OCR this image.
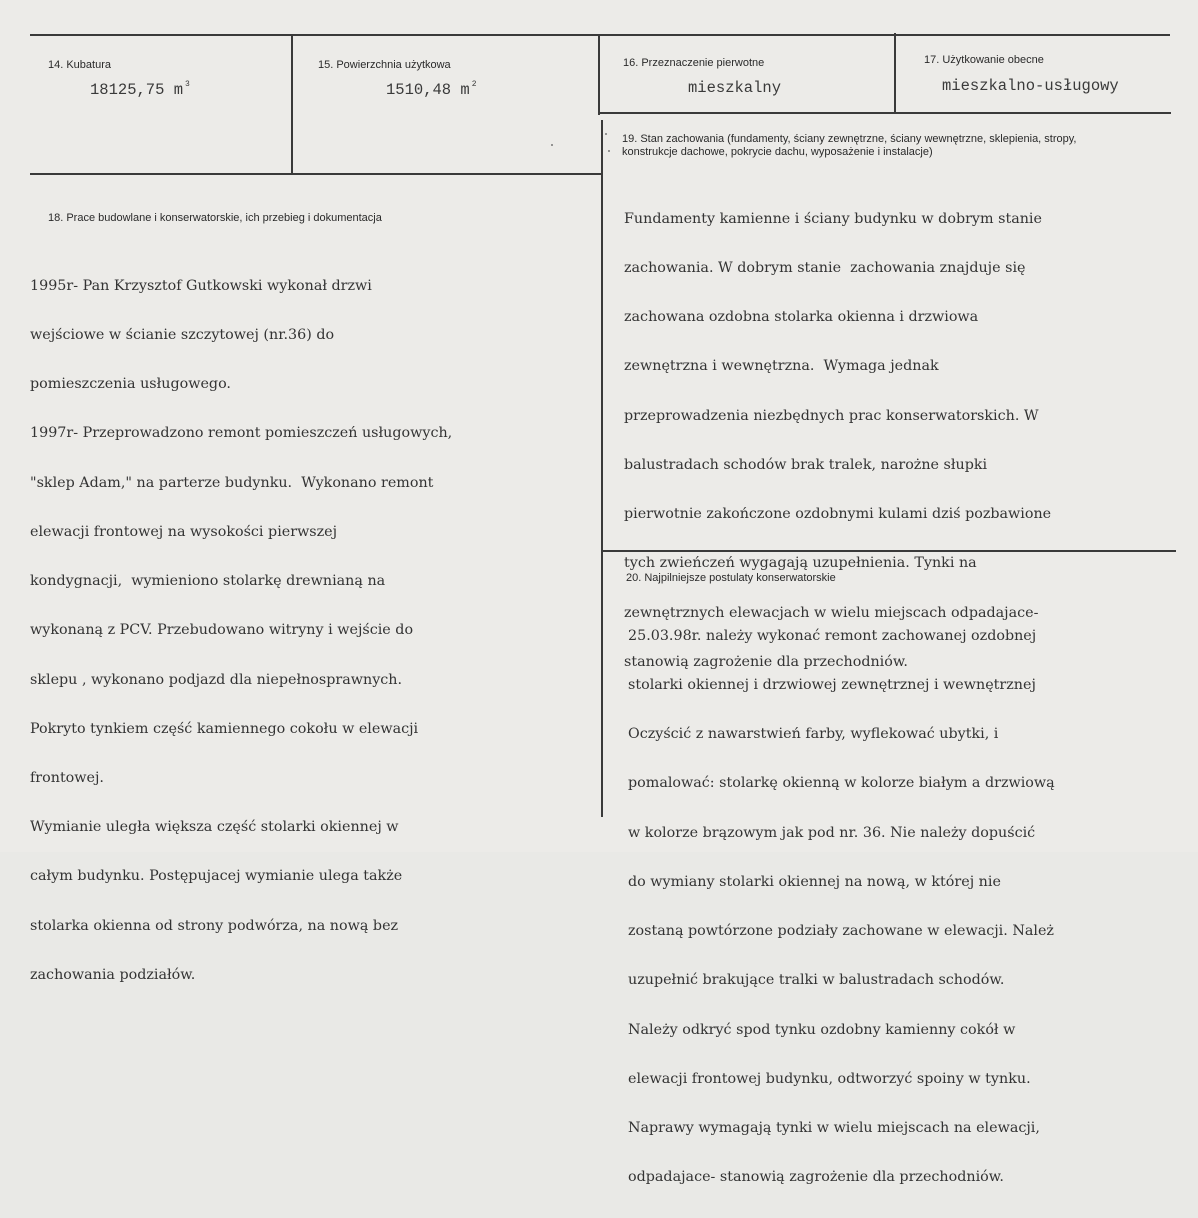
14. Kubatura
18125,75 m $^3$
15. Powierzchnia użytkowa
1510,48 m $^2$
16. Przeznaczenie pierwotne
mieszkalny
17. Użytkowanie obecne
mieszkalno-usługowy
19. Stan zachowania (fundamenty, ściany zewnętrzne, ściany wewnętrzne, sklepienia, stropy,
konstrukcje dachowe, pokrycie dachu, wyposażenie i instalacje)

Fundamenty kamienne i ściany budynku w dobrym stanie

zachowania. W dobrym stanie  zachowania znajduje się

zachowana ozdobna stolarka okienna i drzwiowa

zewnętrzna i wewnętrzna.  Wymaga jednak

przeprowadzenia niezbędnych prac konserwatorskich. W

balustradach schodów brak tralek, narożne słupki

pierwotnie zakończone ozdobnymi kulami dziś pozbawione

tych zwieńczeń wygagają uzupełnienia. Tynki na

zewnętrznych elewacjach w wielu miejscach odpadajace-

stanowią zagrożenie dla przechodniów.

18. Prace budowlane i konserwatorskie, ich przebieg i dokumentacja

1995r- Pan Krzysztof Gutkowski wykonał drzwi

wejściowe w ścianie szczytowej (nr.36) do

pomieszczenia usługowego.

1997r- Przeprowadzono remont pomieszczeń usługowych,

"sklep Adam," na parterze budynku.  Wykonano remont

elewacji frontowej na wysokości pierwszej

kondygnacji,  wymieniono stolarkę drewnianą na

wykonaną z PCV. Przebudowano witryny i wejście do

sklepu , wykonano podjazd dla niepełnosprawnych.

Pokryto tynkiem część kamiennego cokołu w elewacji

frontowej.

Wymianie uległa większa część stolarki okiennej w

całym budynku. Postępujacej wymianie ulega także

stolarka okienna od strony podwórza, na nową bez

zachowania podziałów.

20. Najpilniejsze postulaty konserwatorskie

25.03.98r. należy wykonać remont zachowanej ozdobnej

stolarki okiennej i drzwiowej zewnętrznej i wewnętrznej

Oczyścić z nawarstwień farby, wyflekować ubytki, i

pomalować: stolarkę okienną w kolorze białym a drzwiową

w kolorze brązowym jak pod nr. 36. Nie należy dopuścić

do wymiany stolarki okiennej na nową, w której nie

zostaną powtórzone podziały zachowane w elewacji. Należ

uzupełnić brakujące tralki w balustradach schodów.

Należy odkryć spod tynku ozdobny kamienny cokół w

elewacji frontowej budynku, odtworzyć spoiny w tynku.

Naprawy wymagają tynki w wielu miejscach na elewacji,

odpadajace- stanowią zagrożenie dla przechodniów.
